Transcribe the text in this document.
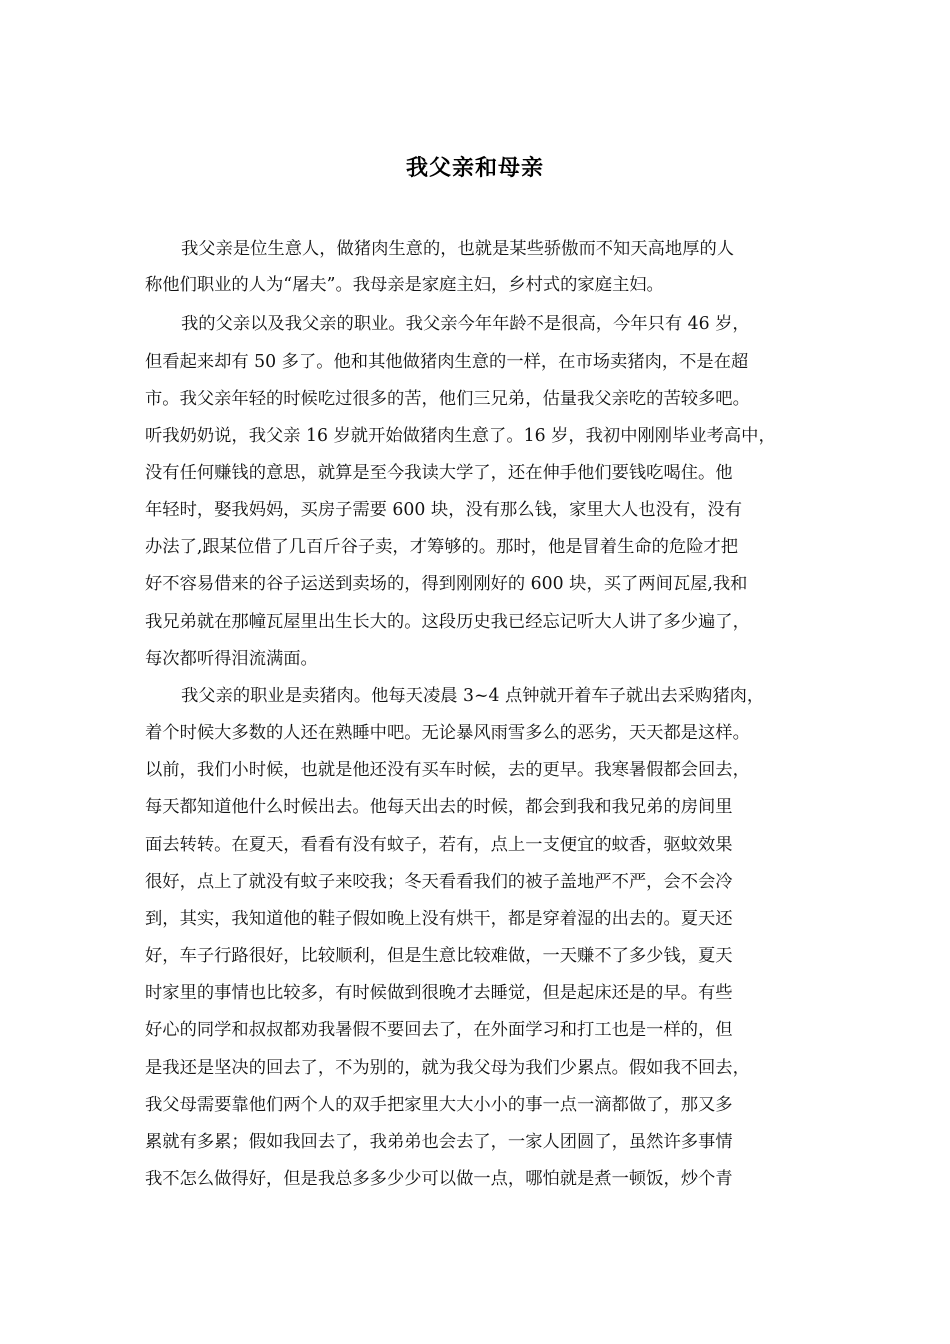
我父亲和母亲
我父亲是位生意人，做猪肉生意的，也就是某些骄傲而不知天高地厚的人
称他们职业的人为“屠夫”。我母亲是家庭主妇，乡村式的家庭主妇。
我的父亲以及我父亲的职业。我父亲今年年龄不是很高，今年只有 46 岁，
但看起来却有 50 多了。他和其他做猪肉生意的一样，在市场卖猪肉，不是在超
市。我父亲年轻的时候吃过很多的苦，他们三兄弟，估量我父亲吃的苦较多吧。
听我奶奶说，我父亲 16 岁就开始做猪肉生意了。16 岁，我初中刚刚毕业考高中，
没有任何赚钱的意思，就算是至今我读大学了，还在伸手他们要钱吃喝住。他
年轻时，娶我妈妈，买房子需要 600 块，没有那么钱，家里大人也没有，没有
办法了,跟某位借了几百斤谷子卖，才筹够的。那时，他是冒着生命的危险才把
好不容易借来的谷子运送到卖场的，得到刚刚好的 600 块，买了两间瓦屋,我和
我兄弟就在那幢瓦屋里出生长大的。这段历史我已经忘记听大人讲了多少遍了，
每次都听得泪流满面。
我父亲的职业是卖猪肉。他每天凌晨 3~4 点钟就开着车子就出去采购猪肉，
着个时候大多数的人还在熟睡中吧。无论暴风雨雪多么的恶劣，天天都是这样。
以前，我们小时候，也就是他还没有买车时候，去的更早。我寒暑假都会回去，
每天都知道他什么时候出去。他每天出去的时候，都会到我和我兄弟的房间里
面去转转。在夏天，看看有没有蚊子，若有，点上一支便宜的蚊香，驱蚊效果
很好，点上了就没有蚊子来咬我；冬天看看我们的被子盖地严不严，会不会冷
到，其实，我知道他的鞋子假如晚上没有烘干，都是穿着湿的出去的。夏天还
好，车子行路很好，比较顺利，但是生意比较难做，一天赚不了多少钱，夏天
时家里的事情也比较多，有时候做到很晚才去睡觉，但是起床还是的早。有些
好心的同学和叔叔都劝我暑假不要回去了，在外面学习和打工也是一样的，但
是我还是坚决的回去了，不为别的，就为我父母为我们少累点。假如我不回去，
我父母需要靠他们两个人的双手把家里大大小小的事一点一滴都做了，那又多
累就有多累；假如我回去了，我弟弟也会去了，一家人团圆了，虽然许多事情
我不怎么做得好，但是我总多多少少可以做一点，哪怕就是煮一顿饭，炒个青
